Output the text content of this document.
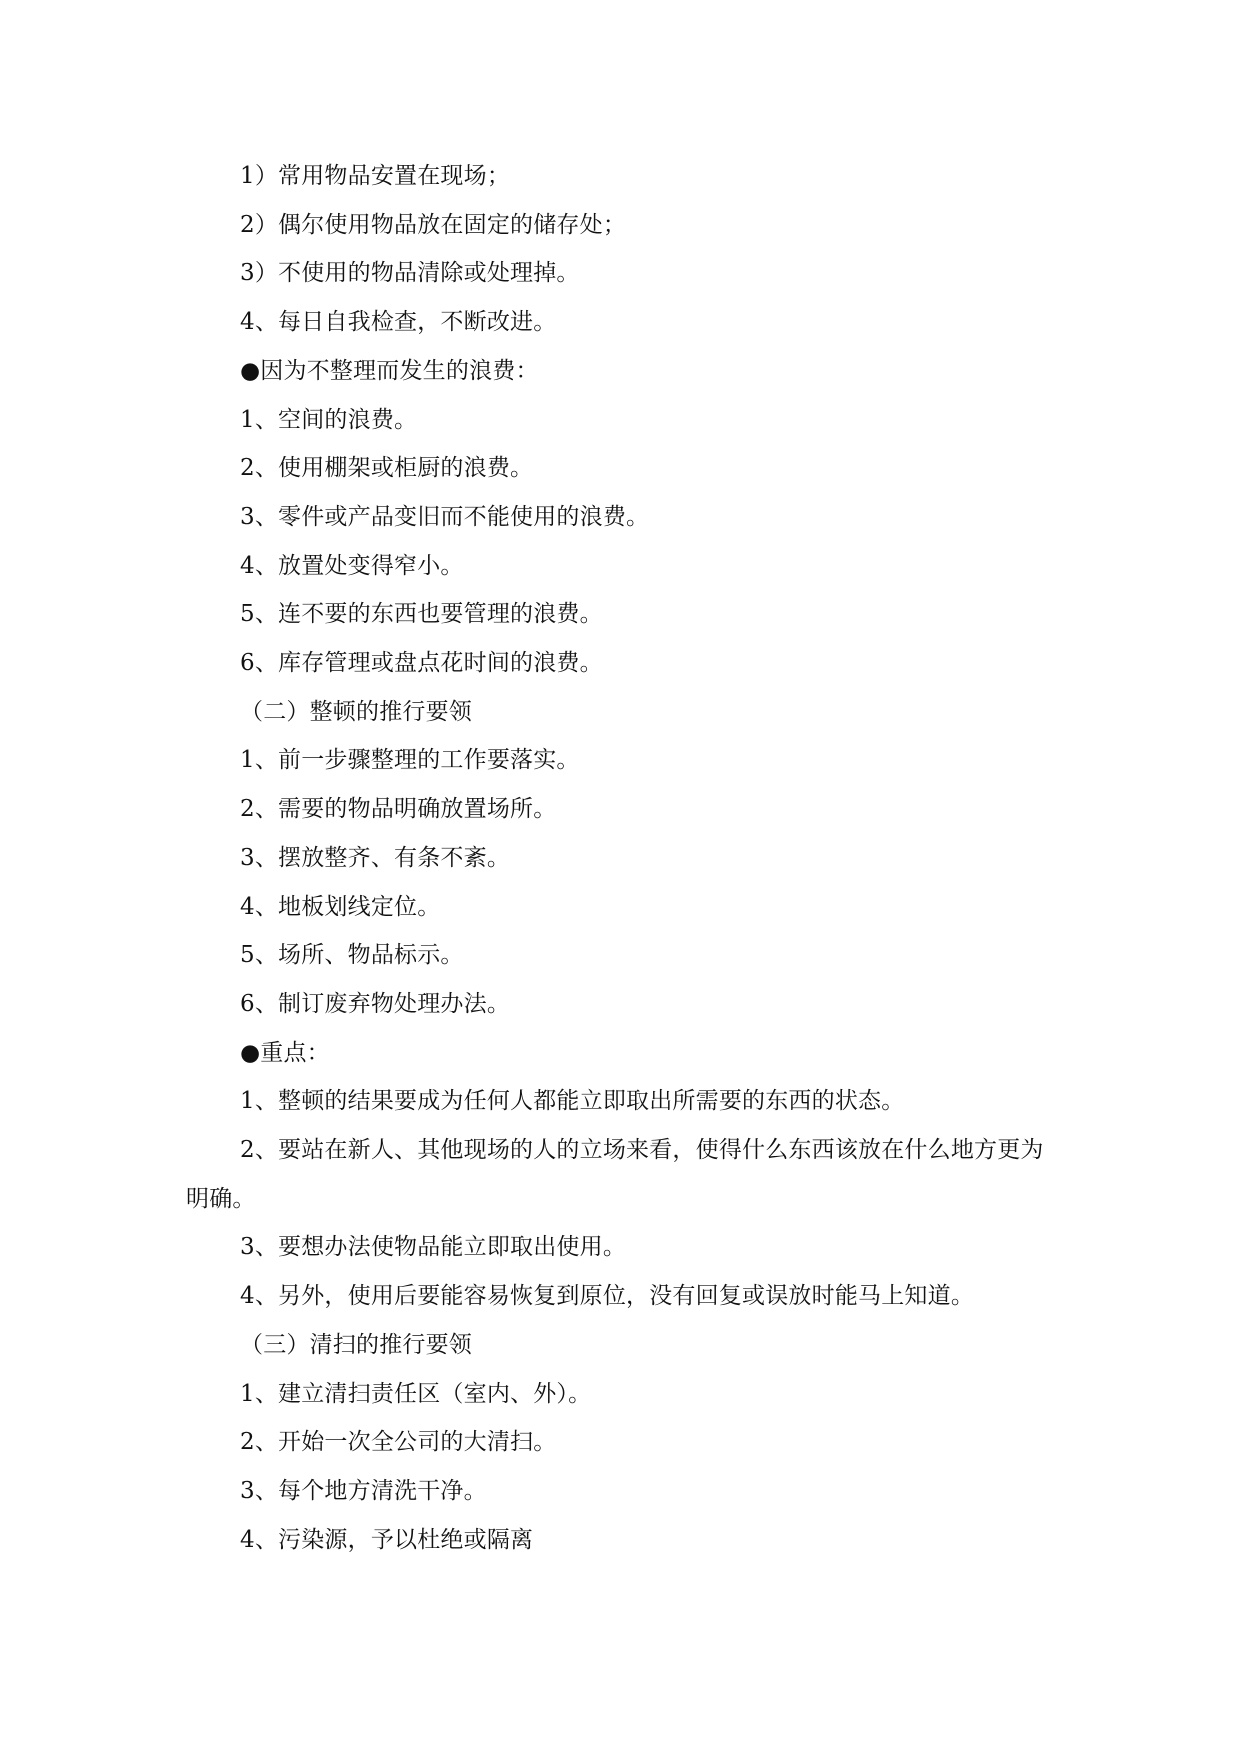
1）常用物品安置在现场；

2）偶尔使用物品放在固定的储存处；

3）不使用的物品清除或处理掉。

4、每日自我检查，不断改进。

●因为不整理而发生的浪费：

1、空间的浪费。

2、使用棚架或柜厨的浪费。

3、零件或产品变旧而不能使用的浪费。

4、放置处变得窄小。

5、连不要的东西也要管理的浪费。

6、库存管理或盘点花时间的浪费。

（二）整顿的推行要领

1、前一步骤整理的工作要落实。

2、需要的物品明确放置场所。

3、摆放整齐、有条不紊。

4、地板划线定位。

5、场所、物品标示。

6、制订废弃物处理办法。

●重点：

1、整顿的结果要成为任何人都能立即取出所需要的东西的状态。

2、要站在新人、其他现场的人的立场来看，使得什么东西该放在什么地方更为明确。

3、要想办法使物品能立即取出使用。

4、另外，使用后要能容易恢复到原位，没有回复或误放时能马上知道。

（三）清扫的推行要领

1、建立清扫责任区（室内、外）。

2、开始一次全公司的大清扫。

3、每个地方清洗干净。

4、污染源，予以杜绝或隔离
